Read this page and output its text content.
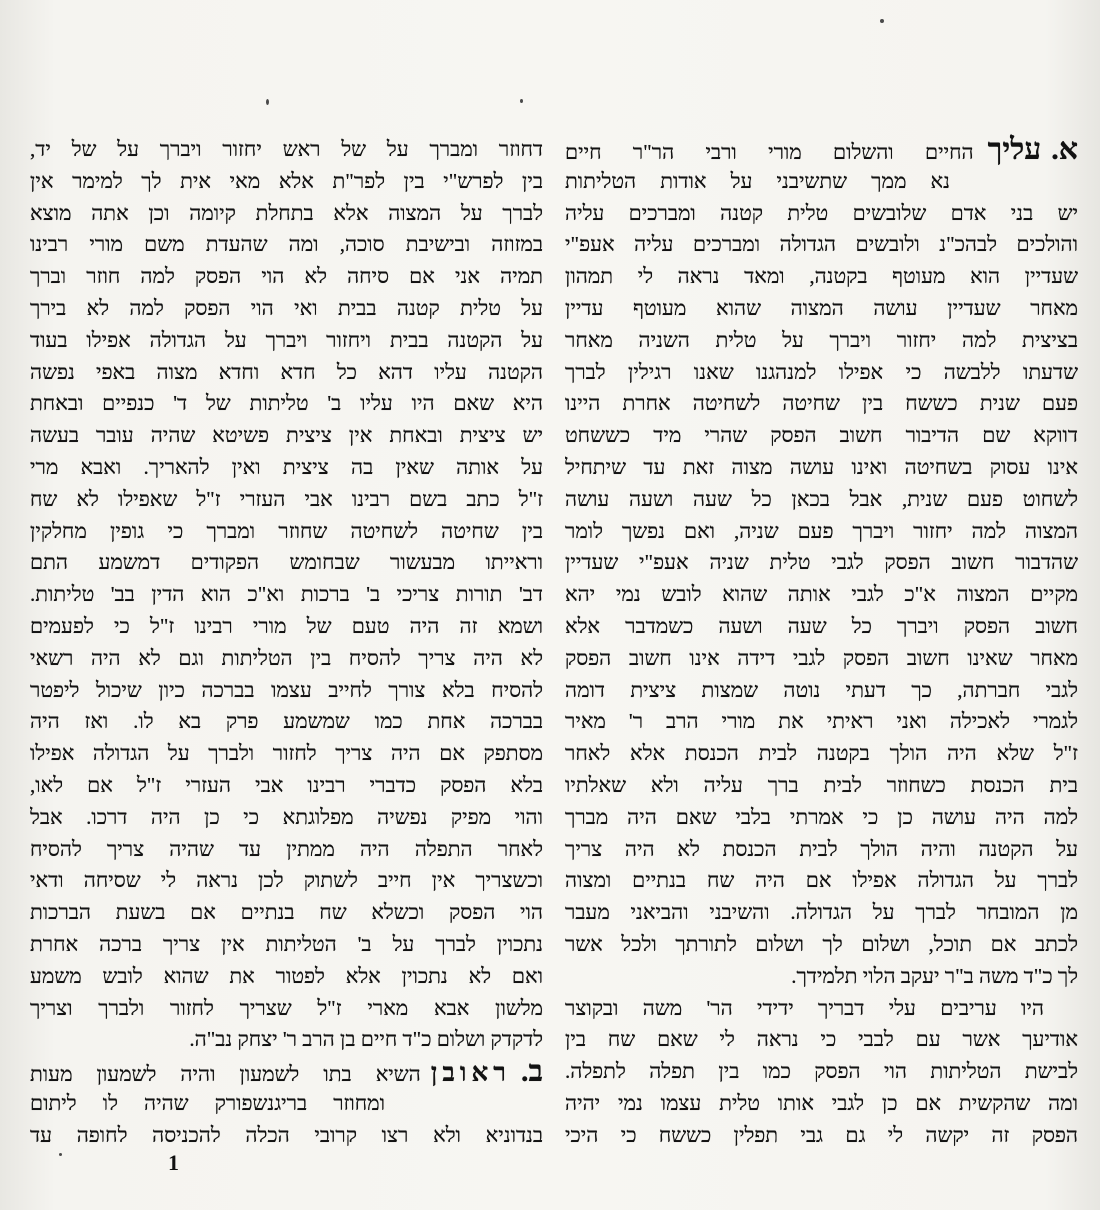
א.
עליך
החיים והשלום מורי ורבי הר"ר חיים
נא ממך שתשיבני על אודות הטליתות
יש בני אדם שלובשים טלית קטנה ומברכים עליה
והולכים לבהכ"נ ולובשים הגדולה ומברכים עליה אעפ"י
שעדיין הוא מעוטף בקטנה, ומאד נראה לי תמהון
מאחר שעדיין עושה המצוה שהוא מעוטף עדיין
בציצית למה יחזור ויברך על טלית השניה מאחר
שדעתו ללבשה כי אפילו למנהגנו שאנו רגילין לברך
פעם שנית כששח בין שחיטה לשחיטה אחרת היינו
דווקא שם הדיבור חשוב הפסק שהרי מיד כששחט
אינו עסוק בשחיטה ואינו עושה מצוה זאת עד שיתחיל
לשחוט פעם שנית, אבל בכאן כל שעה ושעה עושה
המצוה למה יחזור ויברך פעם שניה, ואם נפשך לומר
שהדבור חשוב הפסק לגבי טלית שניה אעפ"י שעדיין
מקיים המצוה א"כ לגבי אותה שהוא לובש נמי יהא
חשוב הפסק ויברך כל שעה ושעה כשמדבר אלא
מאחר שאינו חשוב הפסק לגבי דידה אינו חשוב הפסק
לגבי חברתה, כך דעתי נוטה שמצות ציצית דומה
לגמרי לאכילה ואני ראיתי את מורי הרב ר' מאיר
ז"ל שלא היה הולך בקטנה לבית הכנסת אלא לאחר
בית הכנסת כשחוזר לבית ברך עליה ולא שאלתיו
למה היה עושה כן כי אמרתי בלבי שאם היה מברך
על הקטנה והיה הולך לבית הכנסת לא היה צריך
לברך על הגדולה אפילו אם היה שח בנתיים ומצוה
מן המובחר לברך על הגדולה. והשיבני והביאני מעבר
לכתב אם תוכל, ושלום לך ושלום לתורתך ולכל אשר
לך כ"ד משה ב"ר יעקב הלוי תלמידך.
היו עריבים עלי דבריך ידידי הר' משה ובקוצר
אודיעך אשר עם לבבי כי נראה לי שאם שח בין
לבישת הטליתות הוי הפסק כמו בין תפלה לתפלה.
ומה שהקשית אם כן לגבי אותו טלית עצמו נמי יהיה
הפסק זה יקשה לי גם גבי תפלין כששח כי היכי
דחוזר ומברך על של ראש יחזור ויברך על של יד,
בין לפרש"י בין לפר"ת אלא מאי אית לך למימר אין
לברך על המצוה אלא בתחלת קיומה וכן אתה מוצא
במזוזה ובישיבת סוכה, ומה שהעדת משם מורי רבינו
תמיה אני אם סיחה לא הוי הפסק למה חוזר וברך
על טלית קטנה בבית ואי הוי הפסק למה לא בירך
על הקטנה בבית ויחזור ויברך על הגדולה אפילו בעוד
הקטנה עליו דהא כל חדא וחדא מצוה באפי נפשה
היא שאם היו עליו ב' טליתות של ד' כנפיים ובאחת
יש ציצית ובאחת אין ציצית פשיטא שהיה עובר בעשה
על אותה שאין בה ציצית ואין להאריך. ואבא מרי
ז"ל כתב בשם רבינו אבי העזרי ז"ל שאפילו לא שח
בין שחיטה לשחיטה שחוזר ומברך כי גופין מחלקין
וראייתו מבעשור שבחומש הפקודים דמשמע התם
דב' תורות צריכי ב' ברכות וא"כ הוא הדין בב' טליתות.
ושמא זה היה טעם של מורי רבינו ז"ל כי לפעמים
לא היה צריך להסיח בין הטליתות וגם לא היה רשאי
להסיח בלא צורך לחייב עצמו בברכה כיון שיכול ליפטר
בברכה אחת כמו שמשמע פרק בא לו. ואז היה
מסתפק אם היה צריך לחזור ולברך על הגדולה אפילו
בלא הפסק כדברי רבינו אבי העזרי ז"ל אם לאו,
והוי מפיק נפשיה מפלוגתא כי כן היה דרכו. אבל
לאחר התפלה היה ממתין עד שהיה צריך להסיח
וכשצריך אין חייב לשתוק לכן נראה לי שסיחה ודאי
הוי הפסק וכשלא שח בנתיים אם בשעת הברכות
נתכוין לברך על ב' הטליתות אין צריך ברכה אחרת
ואם לא נתכוין אלא לפטור את שהוא לובש משמע
מלשון אבא מארי ז"ל שצריך לחזור ולברך וצריך
לדקדק ושלום כ"ד חיים בן הרב ר' יצחק נב"ה.
ב.
ראובן
השיא בתו לשמעון והיה לשמעון מעות
ומחוזר בריגנשפורק שהיה לו ליתום
בנדוניא ולא רצו קרובי הכלה להכניסה לחופה עד
1
